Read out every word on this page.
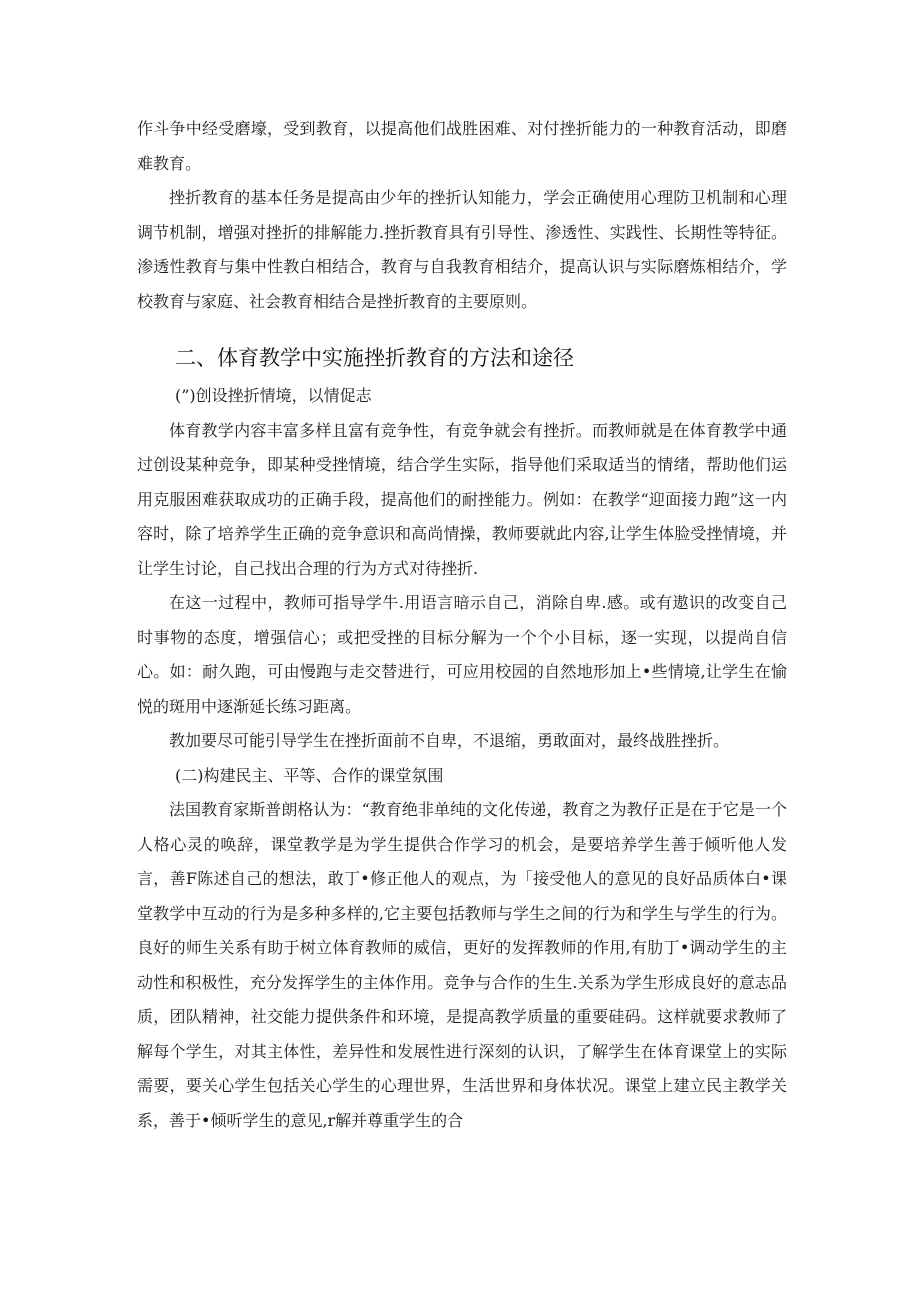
作斗争中经受磨壕，受到教育，以提高他们战胜困难、对付挫折能力的一种教育活动，即磨难教育。

挫折教育的基本任务是提高由少年的挫折认知能力，学会正确使用心理防卫机制和心理调节机制，增强对挫折的排解能力.挫折教育具有引导性、渗透性、实践性、长期性等特征。渗透性教育与集中性教白相结合，教育与自我教育相结介，提高认识与实际磨炼相结介，学校教育与家庭、社会教育相结合是挫折教育的主要原则。

二、体育教学中实施挫折教育的方法和途径
(”)创设挫折情境，以情促志

体育教学内容丰富多样且富有竞争性，有竞争就会有挫折。而教师就是在体育教学中通过创设某种竞争，即某种受挫情境，结合学生实际，指导他们采取适当的情绪，帮助他们运用克服困难获取成功的正确手段，提高他们的耐挫能力。例如：在教学“迎面接力跑”这一内容时，除了培养学生正确的竞争意识和高尚情操，教师要就此内容,让学生体脸受挫情境，并让学生讨论，自己找出合理的行为方式对待挫折.

在这一过程中，教师可指导学牛.用语言暗示自己，消除自卑.感。或有遨识的改变自己时事物的态度，增强信心；或把受挫的目标分解为一个个小目标，逐一实现，以提尚自信心。如：耐久跑，可由慢跑与走交替进行，可应用校园的自然地形加上•些情境,让学生在愉悦的斑用中逐渐延长练习距离。

教加要尽可能引导学生在挫折面前不自卑，不退缩，勇敢面对，最终战胜挫折。

(二)构建民主、平等、合作的课堂氛围

法国教育家斯普朗格认为：“教育绝非单纯的文化传递，教育之为教仔正是在于它是一个人格心灵的唤辞，课堂教学是为学生提供合作学习的机会，是要培养学生善于倾听他人发言，善F陈述自己的想法，敢丁•修正他人的观点，为「接受他人的意见的良好品质体白•课堂教学中互动的行为是多种多样的,它主要包括教师与学生之间的行为和学生与学生的行为。良好的师生关系有助于树立体育教师的威信，更好的发挥教师的作用,有肋丁•调动学生的主动性和积极性，充分发挥学生的主体作用。竞争与合作的生生.关系为学生形成良好的意志品质，团队精神，社交能力提供条件和环境，是提高教学质量的重要硅码。这样就要求教师了解每个学生，对其主体性，差异性和发展性进行深刻的认识，了解学生在体育课堂上的实际需要，要关心学生包括关心学生的心理世界，生活世界和身体状况。课堂上建立民主教学关系，善于•倾听学生的意见,r解并尊重学生的合
